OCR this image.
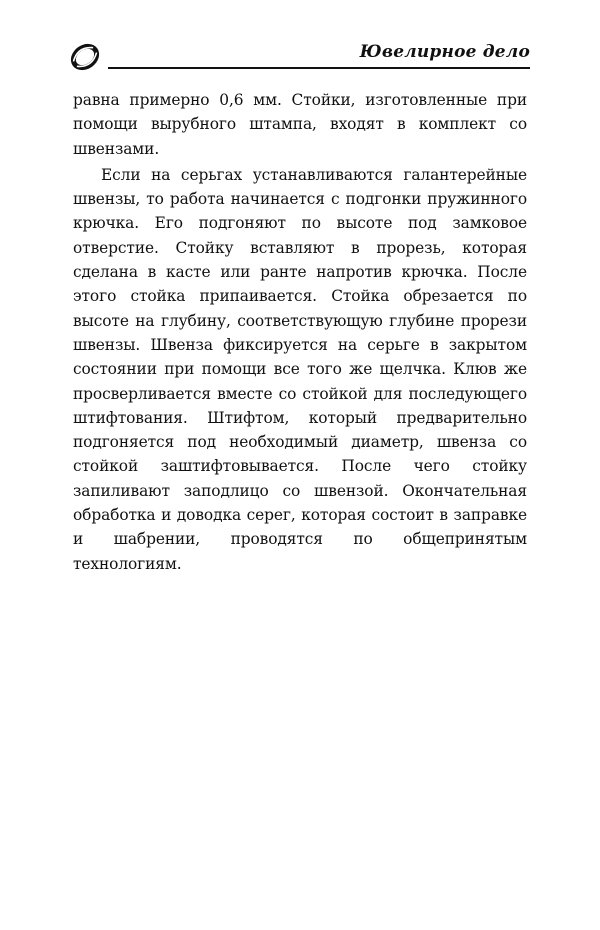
Ювелирное дело

равна примерно 0,6 мм. Стойки, изготовленные при помощи вырубного штампа, входят в комплект со швензами.

Если на серьгах устанавливаются галантерейные швензы, то работа начинается с подгонки пружинного крючка. Его подгоняют по высоте под замковое отверстие. Стойку вставляют в прорезь, которая сделана в касте или ранте напротив крючка. После этого стойка припаивается. Стойка обрезается по высоте на глубину, соответствующую глубине прорези швензы. Швенза фиксируется на серьге в закрытом состоянии при помощи все того же щелчка. Клюв же просверливается вместе со стойкой для последующего штифтования. Штифтом, который предварительно подгоняется под необходимый диаметр, швенза со стойкой заштифтовывается. После чего стойку запиливают заподлицо со швензой. Окончательная обработка и доводка серег, которая состоит в заправке и шабрении, проводятся по общепринятым технологиям.
